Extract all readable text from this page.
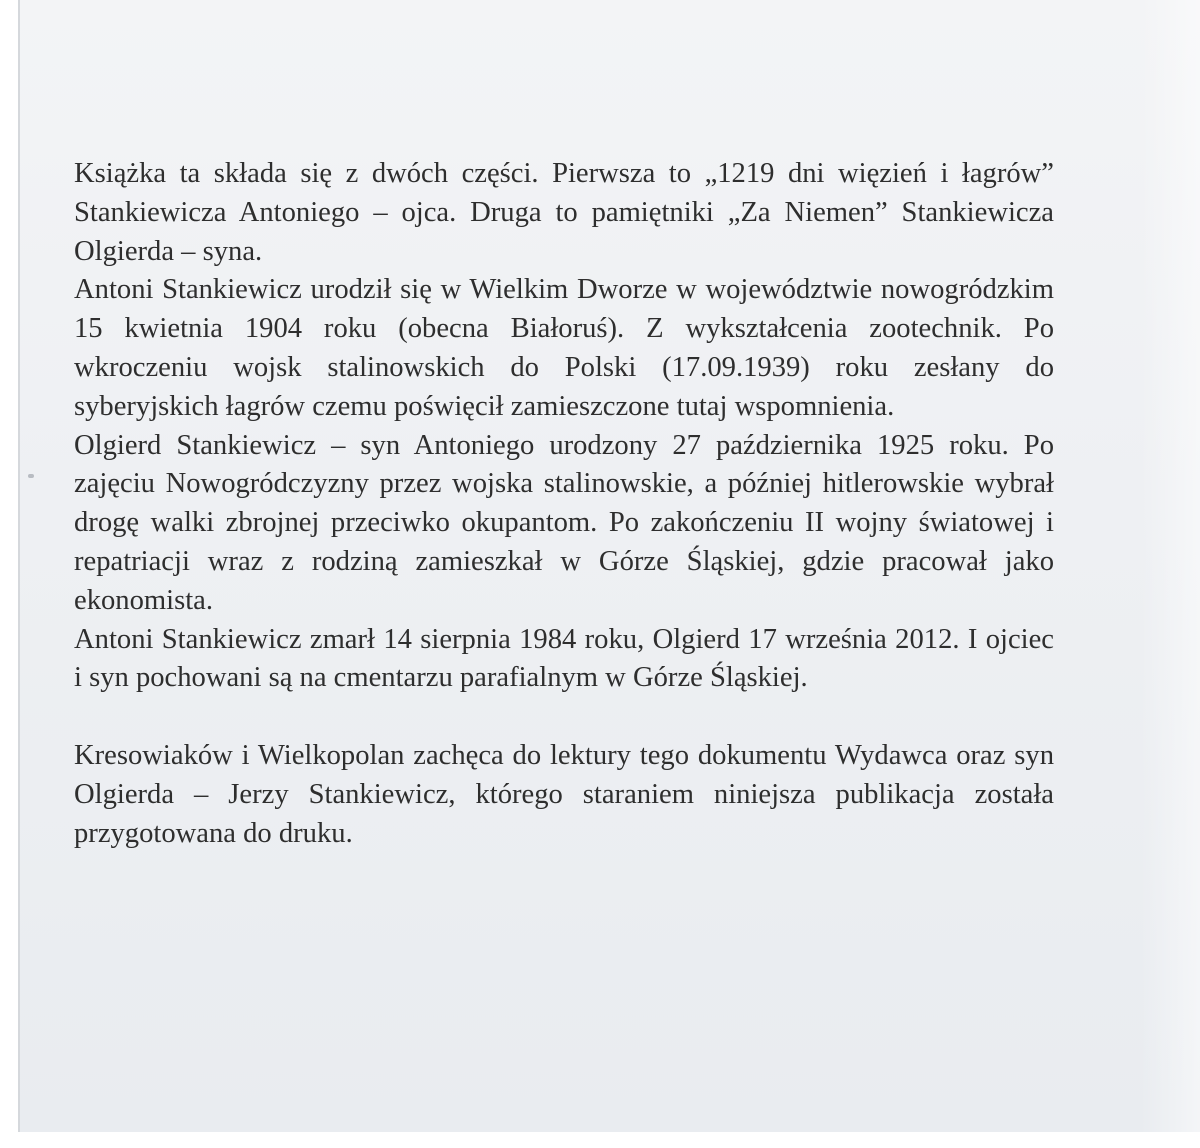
Książka ta składa się z dwóch części. Pierwsza to „1219 dni więzień i łagrów” Stankiewicza Antoniego – ojca. Druga to pamiętniki „Za Niemen” Stankiewicza Olgierda – syna.

Antoni Stankiewicz urodził się w Wielkim Dworze w województwie nowogródzkim 15 kwietnia 1904 roku (obecna Białoruś). Z wykształcenia zootechnik. Po wkroczeniu wojsk stalinowskich do Polski (17.09.1939) roku zesłany do syberyjskich łagrów czemu poświęcił zamieszczone tutaj wspomnienia.

Olgierd Stankiewicz – syn Antoniego urodzony 27 października 1925 roku. Po zajęciu Nowogródczyzny przez wojska stalinowskie, a później hitlerowskie wybrał drogę walki zbrojnej przeciwko okupantom. Po zakończeniu II wojny światowej i repatriacji wraz z rodziną zamieszkał w Górze Śląskiej, gdzie pracował jako ekonomista.

Antoni Stankiewicz zmarł 14 sierpnia 1984 roku, Olgierd 17 września 2012. I ojciec i syn pochowani są na cmentarzu parafialnym w Górze Śląskiej.

Kresowiaków i Wielkopolan zachęca do lektury tego dokumentu Wydawca oraz syn Olgierda – Jerzy Stankiewicz, którego staraniem niniejsza publikacja została przygotowana do druku.
